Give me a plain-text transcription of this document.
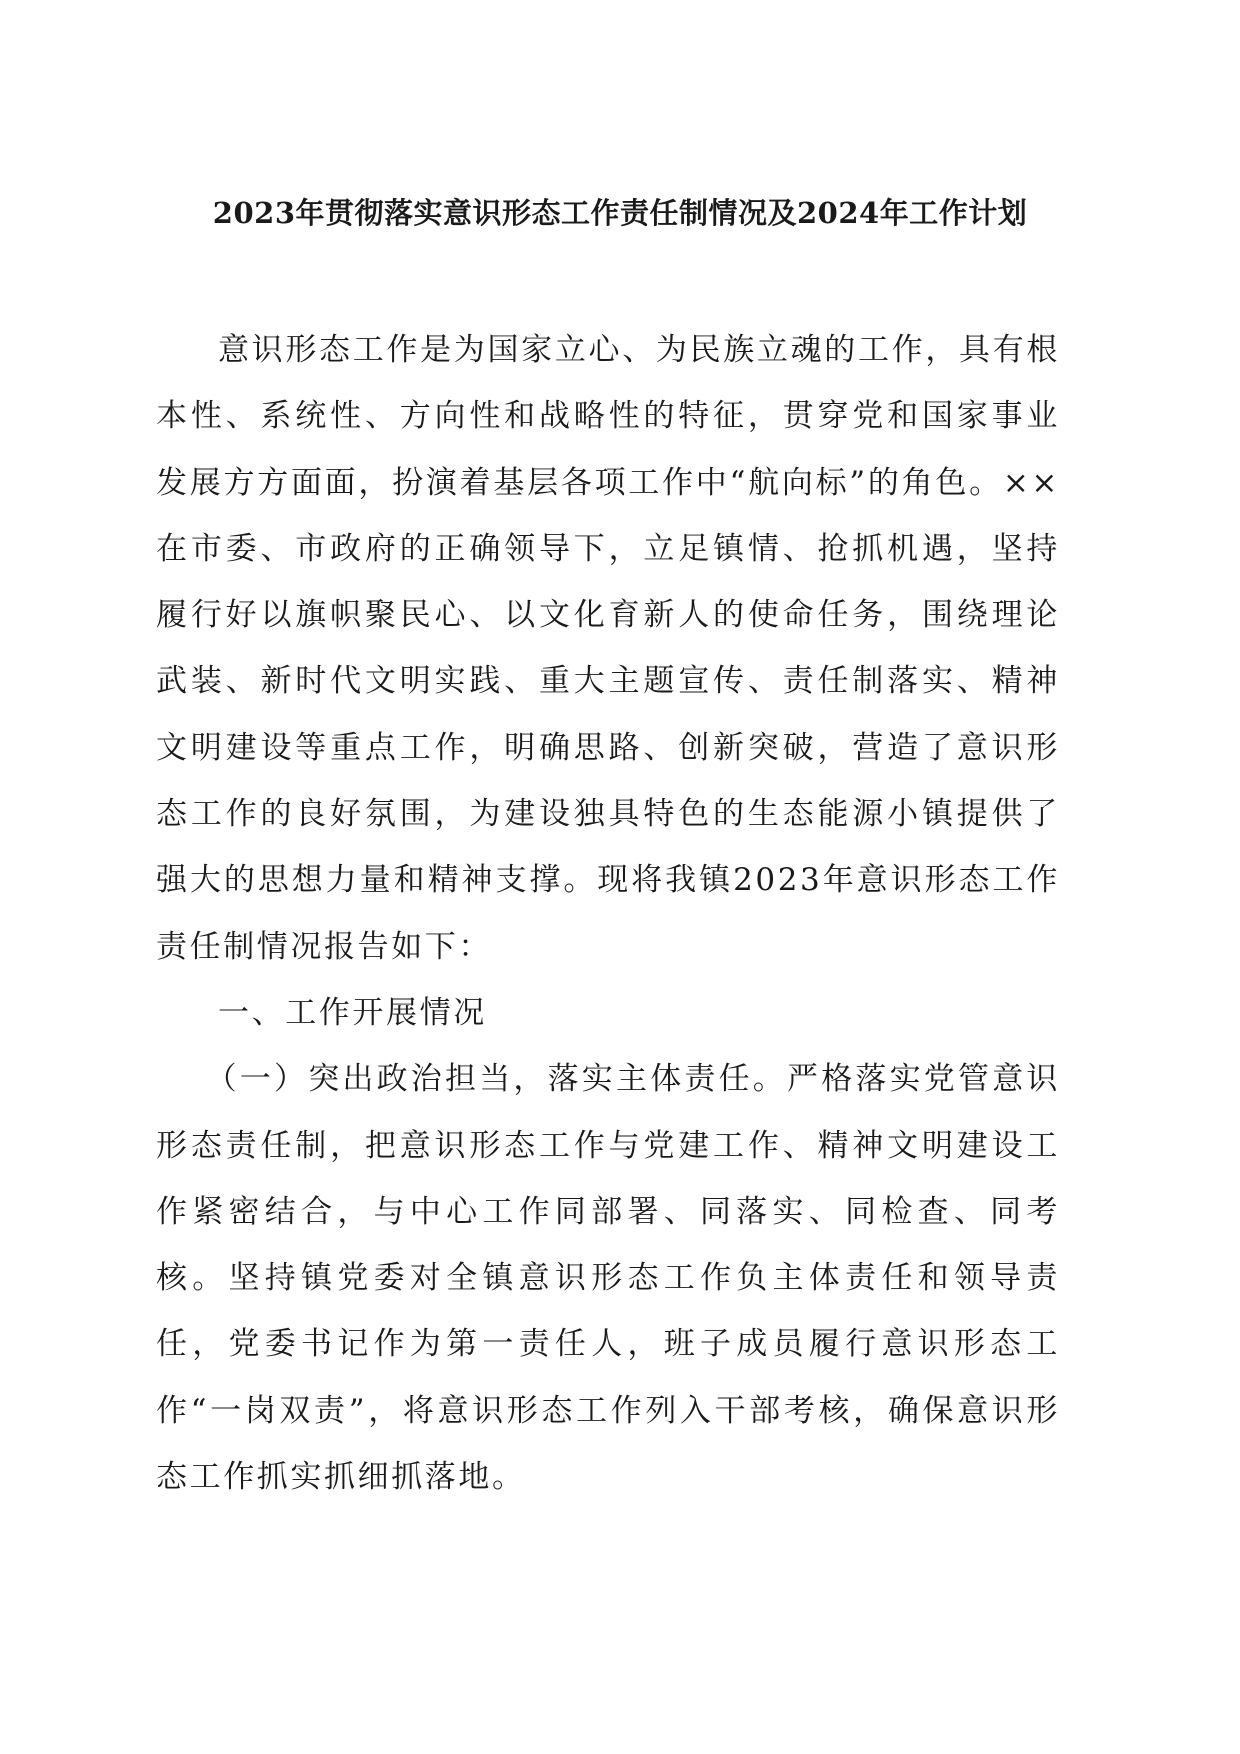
2023年贯彻落实意识形态工作责任制情况及2024年工作计划

意识形态工作是为国家立心、为民族立魂的工作，具有根本性、系统性、方向性和战略性的特征，贯穿党和国家事业发展方方面面，扮演着基层各项工作中“航向标”的角色。××在市委、市政府的正确领导下，立足镇情、抢抓机遇，坚持履行好以旗帜聚民心、以文化育新人的使命任务，围绕理论武装、新时代文明实践、重大主题宣传、责任制落实、精神文明建设等重点工作，明确思路、创新突破，营造了意识形态工作的良好氛围，为建设独具特色的生态能源小镇提供了强大的思想力量和精神支撑。现将我镇2023年意识形态工作责任制情况报告如下：

一、工作开展情况

（一）突出政治担当，落实主体责任。严格落实党管意识形态责任制，把意识形态工作与党建工作、精神文明建设工作紧密结合，与中心工作同部署、同落实、同检查、同考核。坚持镇党委对全镇意识形态工作负主体责任和领导责任，党委书记作为第一责任人，班子成员履行意识形态工作“一岗双责”，将意识形态工作列入干部考核，确保意识形态工作抓实抓细抓落地。
